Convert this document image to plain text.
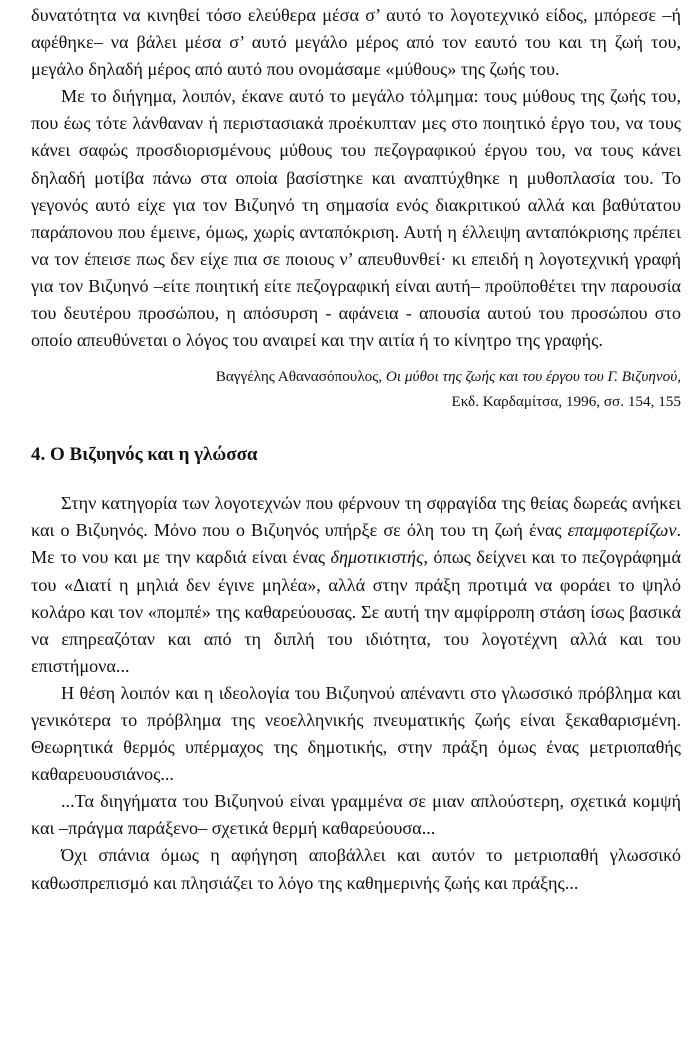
δυνατότητα να κινηθεί τόσο ελεύθερα μέσα σ’ αυτό το λογοτεχνικό είδος, μπόρεσε –ή αφέθηκε– να βάλει μέσα σ’ αυτό μεγάλο μέρος από τον εαυτό του και τη ζωή του, μεγάλο δηλαδή μέρος από αυτό που ονομάσαμε «μύθους» της ζωής του.

Με το διήγημα, λοιπόν, έκανε αυτό το μεγάλο τόλμημα: τους μύθους της ζωής του, που έως τότε λάνθαναν ή περιστασιακά προέκυπταν μες στο ποιητικό έργο του, να τους κάνει σαφώς προσδιορισμένους μύθους του πεζογραφικού έργου του, να τους κάνει δηλαδή μοτίβα πάνω στα οποία βασίστηκε και αναπτύχθηκε η μυθοπλασία του. Το γεγονός αυτό είχε για τον Βιζυηνό τη σημασία ενός διακριτικού αλλά και βαθύτατου παράπονου που έμεινε, όμως, χωρίς ανταπόκριση. Αυτή η έλλειψη ανταπόκρισης πρέπει να τον έπεισε πως δεν είχε πια σε ποιους ν’ απευθυνθεί· κι επειδή η λογοτεχνική γραφή για τον Βιζυηνό –είτε ποιητική είτε πεζογραφική είναι αυτή– προϋποθέτει την παρουσία του δευτέρου προσώπου, η απόσυρση - αφάνεια - απουσία αυτού του προσώπου στο οποίο απευθύνεται ο λόγος του αναιρεί και την αιτία ή το κίνητρο της γραφής.

Βαγγέλης Αθανασόπουλος, Οι μύθοι της ζωής και του έργου του Γ. Βιζυηνού,
Εκδ. Καρδαμίτσα, 1996, σσ. 154, 155
4. Ο Βιζυηνός και η γλώσσα

Στην κατηγορία των λογοτεχνών που φέρνουν τη σφραγίδα της θείας δωρεάς ανήκει και ο Βιζυηνός. Μόνο που ο Βιζυηνός υπήρξε σε όλη του τη ζωή ένας επαμφοτερίζων. Με το νου και με την καρδιά είναι ένας δημοτικιστής, όπως δείχνει και το πεζογράφημά του «Διατί η μηλιά δεν έγινε μηλέα», αλλά στην πράξη προτιμά να φοράει το ψηλό κολάρο και τον «πομπέ» της καθαρεύουσας. Σε αυτή την αμφίρροπη στάση ίσως βασικά να επηρεαζόταν και από τη διπλή του ιδιότητα, του λογοτέχνη αλλά και του επιστήμονα...

Η θέση λοιπόν και η ιδεολογία του Βιζυηνού απέναντι στο γλωσσικό πρόβλημα και γενικότερα το πρόβλημα της νεοελληνικής πνευματικής ζωής είναι ξεκαθαρισμένη. Θεωρητικά θερμός υπέρμαχος της δημοτικής, στην πράξη όμως ένας μετριοπαθής καθαρευουσιάνος...

...Τα διηγήματα του Βιζυηνού είναι γραμμένα σε μιαν απλούστερη, σχετικά κομψή και –πράγμα παράξενο– σχετικά θερμή καθαρεύουσα...

Όχι σπάνια όμως η αφήγηση αποβάλλει και αυτόν το μετριοπαθή γλωσσικό καθωσπρεπισμό και πλησιάζει το λόγο της καθημερινής ζωής και πράξης...
